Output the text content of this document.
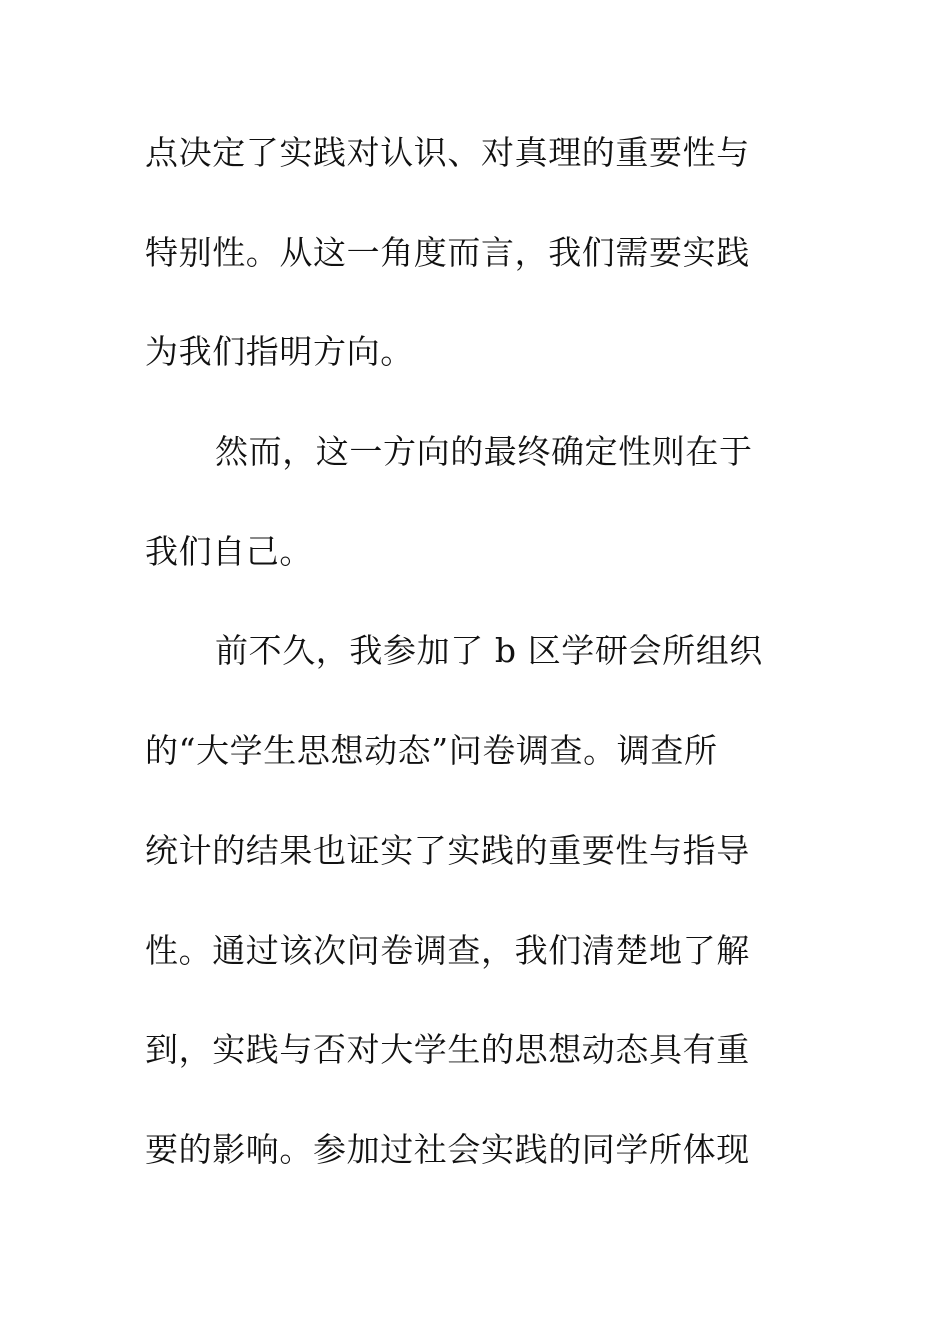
点决定了实践对认识、对真理的重要性与
特别性。从这一角度而言，我们需要实践
为我们指明方向。
然而，这一方向的最终确定性则在于
我们自己。
前不久，我参加了 b 区学研会所组织
的“大学生思想动态”问卷调查。调查所
统计的结果也证实了实践的重要性与指导
性。通过该次问卷调查，我们清楚地了解
到，实践与否对大学生的思想动态具有重
要的影响。参加过社会实践的同学所体现
